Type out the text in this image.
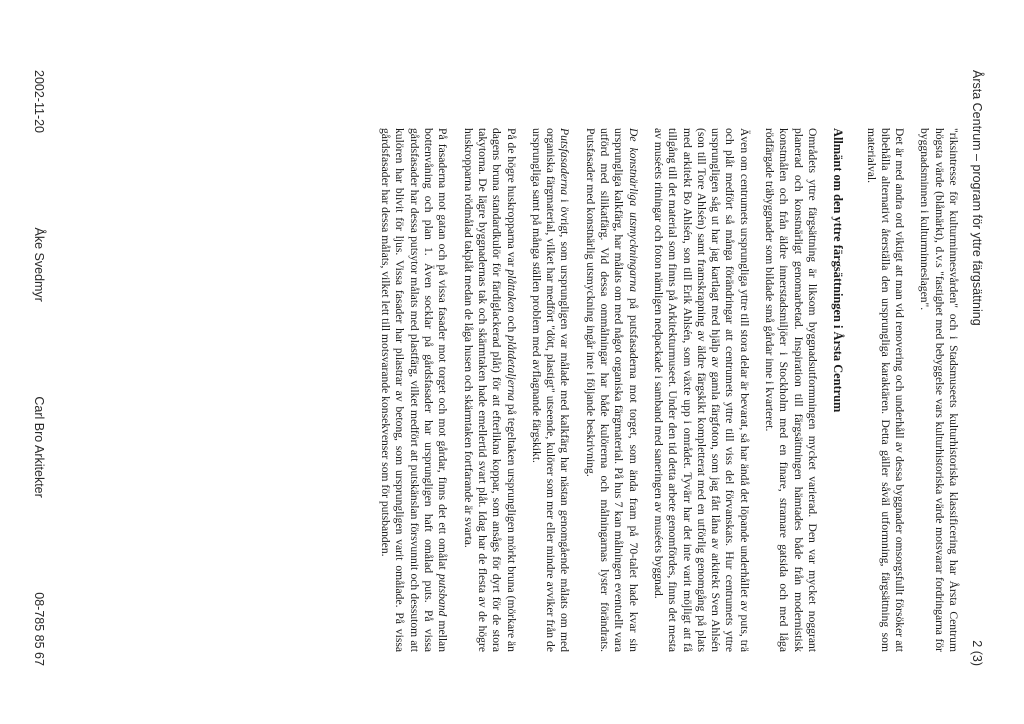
Årsta Centrum – program för yttre färgsättning
2 (3)

"riksintresse för kulturminnesvården" och i Stadsmuseets kulturhistoriska klassificering har Årsta Centrum högsta värde (blåmärkt), d.v.s "fastighet med bebyggelse vars kulturhistoriska värde motsvarar fordringarna för byggnadsminnen i kulturminneslagen".

Det är med andra ord viktigt att man vid renovering och underhåll av dessa byggnader omsorgsfullt försöker att bibehålla alternativt återställa den ursprungliga karaktären. Detta gäller såväl utformning, färgsättning som materialval.

Allmänt om den yttre färgsättningen i Årsta Centrum

Områdets yttre färgsättning är liksom byggnadsutformningen mycket varierad. Den var mycket noggrant planerad och konstnärligt genomarbetad. Inspiration till färgsättningen hämtades både från modernistisk konstmålen och från äldre innerstadsmiljöer i Stockholm med en finare, stramare gatsida och med låga rödfärgade träbyggnader som bildade små gårdar inne i kvarteret.

Även om centrumets ursprungliga yttre till stora delar är bevarat, så har ändå det löpande underhållet av puts, trä och plåt medfört så många förändringar att centrumets yttre till viss del förvanskats. Hur centrumets yttre ursprungligen såg ut har jag kartlagt med hjälp av gamla färgfoton, som jag fått låna av arkitekt Sven Ahlsén (son till Tore Ahlsén) samt framskrapning av äldre färgskikt kompletterat med en utförlig genomgång på plats med arkitekt Bo Ahlsén, son till Erik Ahlsén, som växte upp i området. Tyvärr har det inte varit möjligt att få tillgång till det material som finns på Arkitekturmuseet. Under den tid detta arbete genomfördes, finns det mesta av muséets ritningar och foton nämligen nedpackade i samband med saneringen av muséets byggnad.

De konstnärliga utsmyckningarna på putsfasaderna mot torget, som ända fram på 70-talet hade kvar sin ursprungliga kalkfärg, har målats om med något organiska färgmaterial. På hus 7 kan målningen eventuellt vara utförd med silikatfärg. Vid dessa ommålningar har både kulörerna och målningarnas lyster förändrats. Putsfasader med konstnärlig utsmyckning ingår inte i följande beskrivning.

Putsfasaderna i övrigt, som ursprungligen var målade med kalkfärg har nästan genomgående målats om med organiska färgmaterial, vilket har medfört "dött, plastigt" utseende, kulörer som mer eller mindre avviker från de ursprungliga samt på många ställen problem med avflagnande färgskikt.

På de högre huskropparna var plåttaken och plåtdetaljerna på tegeltaken ursprungligen mörkt bruna (mörkare än dagens bruna standardkulör för färdiglackerad plåt) för att efterlikna koppar, som ansågs för dyrt för de stora takytorna. De lägre byggnadernas tak och skärmtaken hade emellertid svart plåt. Idag har de flesta av de högre huskropparna rödmålad takplåt medan de låga husen och skärmtaken fortfarande är svarta.

På fasaderna mot gatan och på vissa fasader mot torget och mot gårdar, finns det ett omålat putsband mellan bottenvåning och plan 1. Även socklar på gårdsfasader har ursprungligen haft omålad puts. På vissa gårdsfasader har dessa putsytor målats med plastfärg, vilket medfört att putskänslan försvunnit och dessutom att kulören har blivit för ljus. Vissa fasader har pilastrar av betong, som ursprungligen varit omålade. På vissa gårdsfasader har dessa målats, vilket lett till motsvarande konsekvenser som för putsbanden.

2002-11-20
Åke Svedmyr
Carl Bro Arkitekter
08-785 85 67
